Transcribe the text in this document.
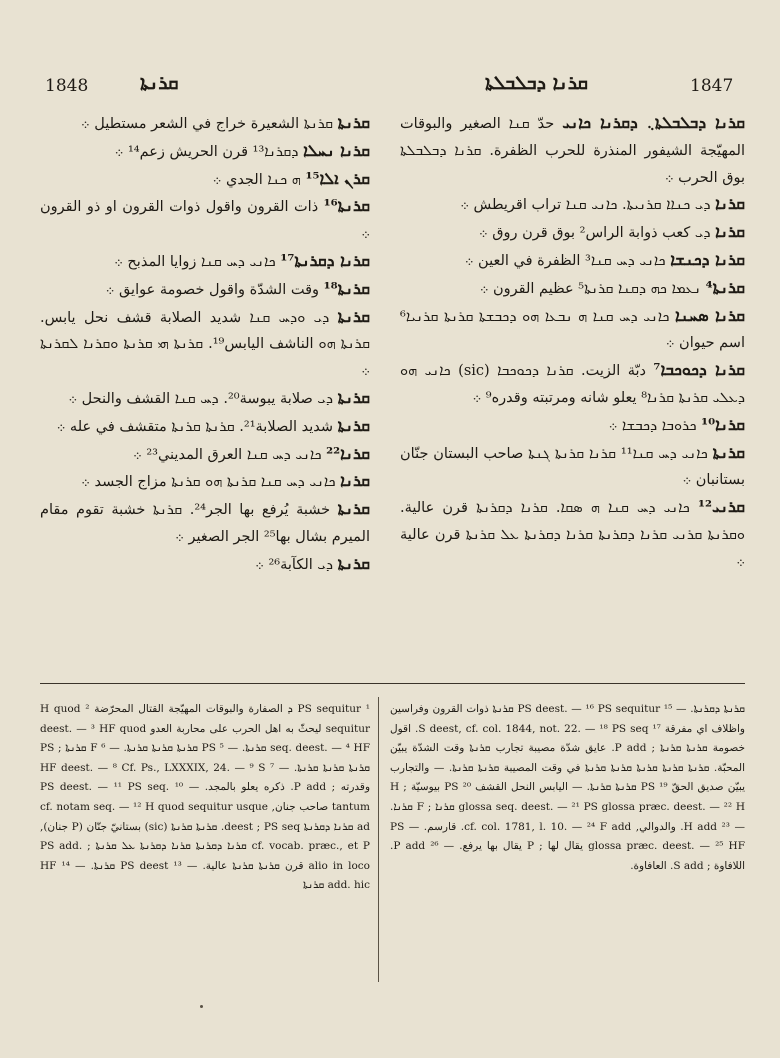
1848	ܩܪܢܬܐ	ܩܪܢܐ ܕܒܠܒܠܬܐ	1847

ܩܪܢܐ ܕܒܠܒܠܬܐ܆ ܕܩܪܢܐ ܟܐܢܝ حدّ ܩܢܐ الصغير والبوقات المهيّجة الشيفور المنذرة للحرب الظفرة. ܩܪܢܐ ܕܒܠܒܠܬܐ بوق الحرب ܀

ܩܪܢܐ ܕܝ ܟܢܐܐ ܩܪܢܝܬܐ. ܟܐܢܝ ܩܢܐ تراب اقريطش ܀

ܩܪܢܐ ܕܝ كعب ذوابة الراس² بوق قرن روق ܀

ܩܪܢܐ ܕܟܢܫܐ ܟܐܢܝ ܕܚ ܩܢܐ³ الظفرة في العين ܀

ܩܪܢܬܐ⁴ ܢܥܡܐ ܟܗ ܕܩܢܐ ܩܪܢܬܐ⁵ عظيم القرون ܀

ܩܪܢܐ ܣܚܢܐ ܟܐܢܝ ܕܚ ܩܢܐ ܗ ܢܒܥܐ ܗܘ ܕܟܒܫܬܐ ܩܪܢܬܐ ܩܪܢܝܐ⁶ اسم حيوان ܀

ܩܪܢܐ ܕܟܘܟܒܐ⁷ دبّة الزيت. ܩܪܢܐ ܕܟܘܟܒܐ (sic) ܟܐܢܝ ܗܘ ܕܥܠܝ ܩܪܢܬܐ ܩܪܢܐ⁸ يعلو شانه ومرتبته وقدره⁹ ܀

ܩܪܢܐ¹⁰ ܟܪܘܒܐ ܕܟܒܫܐ ܀

ܩܪܢܬܐ ܟܐܢܝ ܕܚ ܩܢܐ¹¹ ܩܪܢܐ ܩܪܢܬܐ ܓܢܬܐ صاحب البستان جنّان بستانبان ܀

ܩܪܢܝ¹² ܟܐܢܝ ܕܚ ܩܢܐ ܗ ܣܩܐ. ܩܪܢܐ ܕܩܪܢܬܐ قرن عالية. ܘܩܪܢܬܐ ܩܪܢܝ ܩܪܢܐ ܕܩܪܢܬܐ ܩܪܢܐ ܕܩܪܢܬܐ ܥܠ ܩܪܢܬܐ قرن عالية ܀

ܩܪܢܬܐ ܩܪܢܬܐ الشعيرة خراج في الشعر مستطيل ܀

ܩܪܢܐ ܢܚܠܐ ܕܩܪܢܐ¹³ قرن الحريش زعم¹⁴ ܀

ܩܪܢ ܐܠܐ¹⁵ ܗ ܟܢܐ الجدي ܀

ܩܪܢܬܐ¹⁶ ذات القرون واقول ذوات القرون او ذو القرون ܀

ܩܪܢܐ ܕܩܪܢܬܐ¹⁷ ܟܐܢܝ ܕܚ ܩܢܐ زوايا المذبح ܀

ܩܪܢܬܐ¹⁸ وقت الشدّة واقول خصومة عوايق ܀

ܩܪܢܬܐ ܕܝ ܘܕܚ ܩܢܐ شديد الصلابة قشف نحل يابس. ܩܪܢܬܐ ܗܘ الناشف اليابس¹⁹. ܩܪܢܬܐ ܗܝ ܩܪܢܬܐ ܘܩܪܢܐ ܠܩܪܢܬܐ ܀

ܩܪܢܬܐ ܕܝ صلابة يبوسة²⁰. ܕܚ ܩܢܐ القشف والنحل ܀

ܩܪܢܬܐ شديد الصلابة²¹. ܩܪܢܬܐ ܩܪܢܬܐ متقشف في عله ܀

ܩܪܢܐ²² ܟܐܢܝ ܕܚ ܩܢܐ العرق المديني²³ ܀

ܩܪܢܐ ܟܐܢܝ ܕܚ ܩܢܐ ܩܪܢܬܐ ܗܘ ܩܪܢܬܐ مزاج الجسد ܀

ܩܪܢܬܐ خشبة يُرفع بها الجر²⁴. ܩܪܢܬܐ خشبة تقوم مقام الميرم بشال بها²⁵ الجر الصغير ܀

ܩܪܢܬܐ ܕܝ الكآبة²⁶ ܀

ܩܪܢܬܐ ܕܩܪܢܬܐ. — ¹⁵ PS deest. — ¹⁶ PS sequitur ܩܪܢܬܐ ذوات القرون وفراسين واظلاف اي مفرقة ¹⁷ S deest, cf. col. 1844, not. 22. — ¹⁸ PS seq. اقول خصومة ܩܪܢܬܐ ܩܪܢܬܐ ; P add. عايق شدّة مصيبة تجارب ܩܪܢܬܐ وقت الشدّة يبيّن المحبّة. ܩܪܢܬܐ ܩܪܢܬܐ ܩܪܢܬܐ ܩܪܢܬܐ ܩܪܢܬܐ في وقت المصيبة ܩܪܢܬܐ ܩܪܢܬܐ. — والتجارب يبيّن صديق الحقّ ¹⁹ PS ܩܪܢܬܐ ܩܪܢܬܐ. — اليابس النحل القشف ²⁰ PS بيوسيّة ; H glossa seq. deest. — ²¹ PS glossa præc. deest. — ²² H ܩܪܢܐ ; F ܩܪܢܐ. — ²³ H add. والدوالي, cf. col. 1781, l. 10. — ²⁴ F add. قارسم. — PS glossa præc. deest. — ²⁵ HF يقال لها ; P يقال بها يرفع. — ²⁶ P add. اللافاوة ; S add. العافاوة.
¹ PS sequitur ܕ الصفارة والبوقات المهيّجة القتال المحرّضة ² H quod sequitur ليحثّ به اهل الحرب على محاربة العدو deest. — ³ HF quod seq. deest. — ⁴ HF ܩܪܢܬܐ. — ⁵ PS ܩܪܢܬܐ ܩܪܢܬܐ ܩܪܢܬܐ. — ⁶ F ܩܪܢܬܐ ; PS ܩܪܢܬܐ ܩܪܢܬܐ ܩܪܢܬܐ. — ⁷ HF deest. — ⁸ Cf. Ps., LXXXIX, 24. — ⁹ S وقدرته ; P add. ذكره يعلو بالمجد. — ¹⁰ PS deest. — ¹¹ PS seq. tantum صاحب جنان, cf. notam seq. — ¹² H quod sequitur usque ad ܩܪܢܐ ܕܩܪܢܬܐ deest ; PS seq. ܩܪܢܬܐ ܩܪܢܬܐ (sic) بستانيّ جنّان (P جنان), cf. vocab. præc., et P ܩܪܢܐ ܕܩܪܢܬܐ ܩܪܢܐ ܕܩܪܢܬܐ ܥܠ ܩܪܢܬܐ ; PS add. alio in loco قرن ܩܪܢܬܐ ܩܪܢܬܐ عالية. — ¹³ PS deest ܩܪܢܬܐ. — ¹⁴ HF add. hic ܩܪܢܬܐ
